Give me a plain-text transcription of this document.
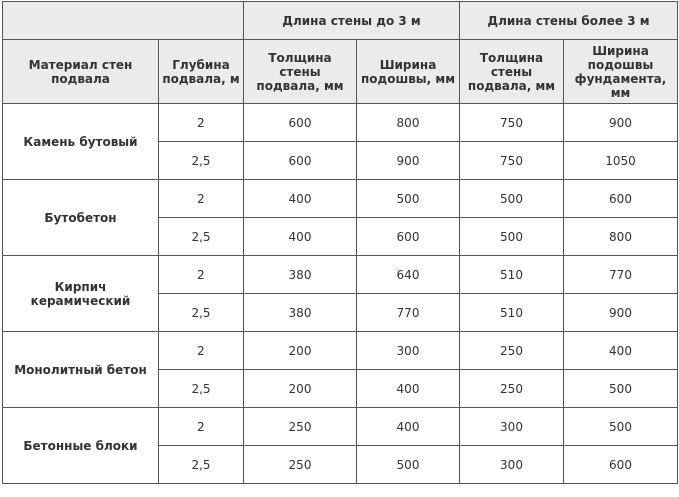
		Длина стены до 3 м		Длина стены более 3 м	
Материал стен подвала	Глубина подвала, м	Толщина стены подвала, мм	Ширина подошвы, мм	Толщина стены подвала, мм	Ширина подошвы фундамента, мм
Камень бутовый	2	600	800	750	900
	2,5	600	900	750	1050
Бутобетон	2	400	500	500	600
	2,5	400	600	500	800
Кирпич керамический	2	380	640	510	770
	2,5	380	770	510	900
Монолитный бетон	2	200	300	250	400
	2,5	200	400	250	500
Бетонные блоки	2	250	400	300	500
	2,5	250	500	300	600
